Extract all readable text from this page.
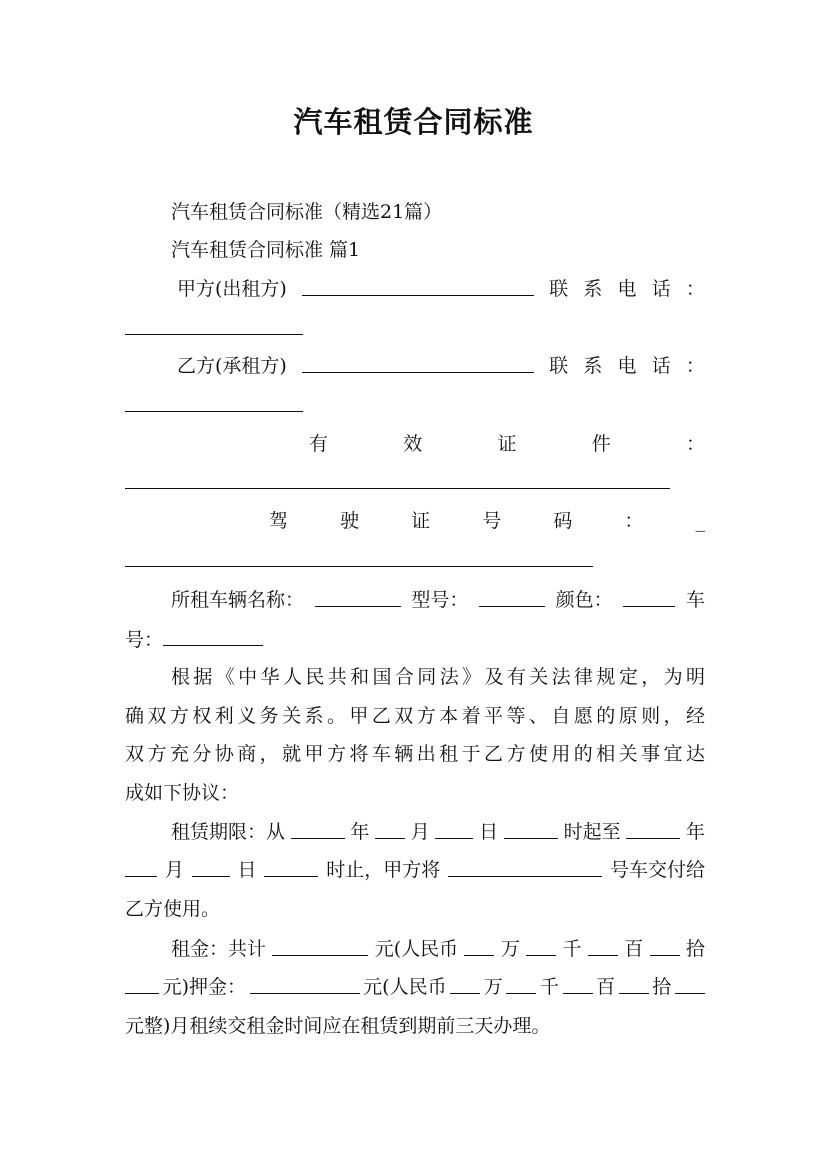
汽车租赁合同标准
汽车租赁合同标准（精选21篇）
汽车租赁合同标准 篇1
甲方(出租方)	联 系 电 话 ：
乙方(承租方)	联 系 电 话 ：
有	效	证	件	：
驾	驶	证	号	码	：	_
所租车辆名称：	型号：	颜色：	车
号：
根据《中华人民共和国合同法》及有关法律规定，为明
确双方权利义务关系。甲乙双方本着平等、自愿的原则，经
双方充分协商，就甲方将车辆出租于乙方使用的相关事宜达
成如下协议：
租赁期限：从	年 月	日	时起至	年
月	日	时止，甲方将	号车交付给
乙方使用。
租金：共计	元(人民币 万 千 百 拾
元)押金：	元(人民币 万 千 百 拾
元整)月租续交租金时间应在租赁到期前三天办理。
